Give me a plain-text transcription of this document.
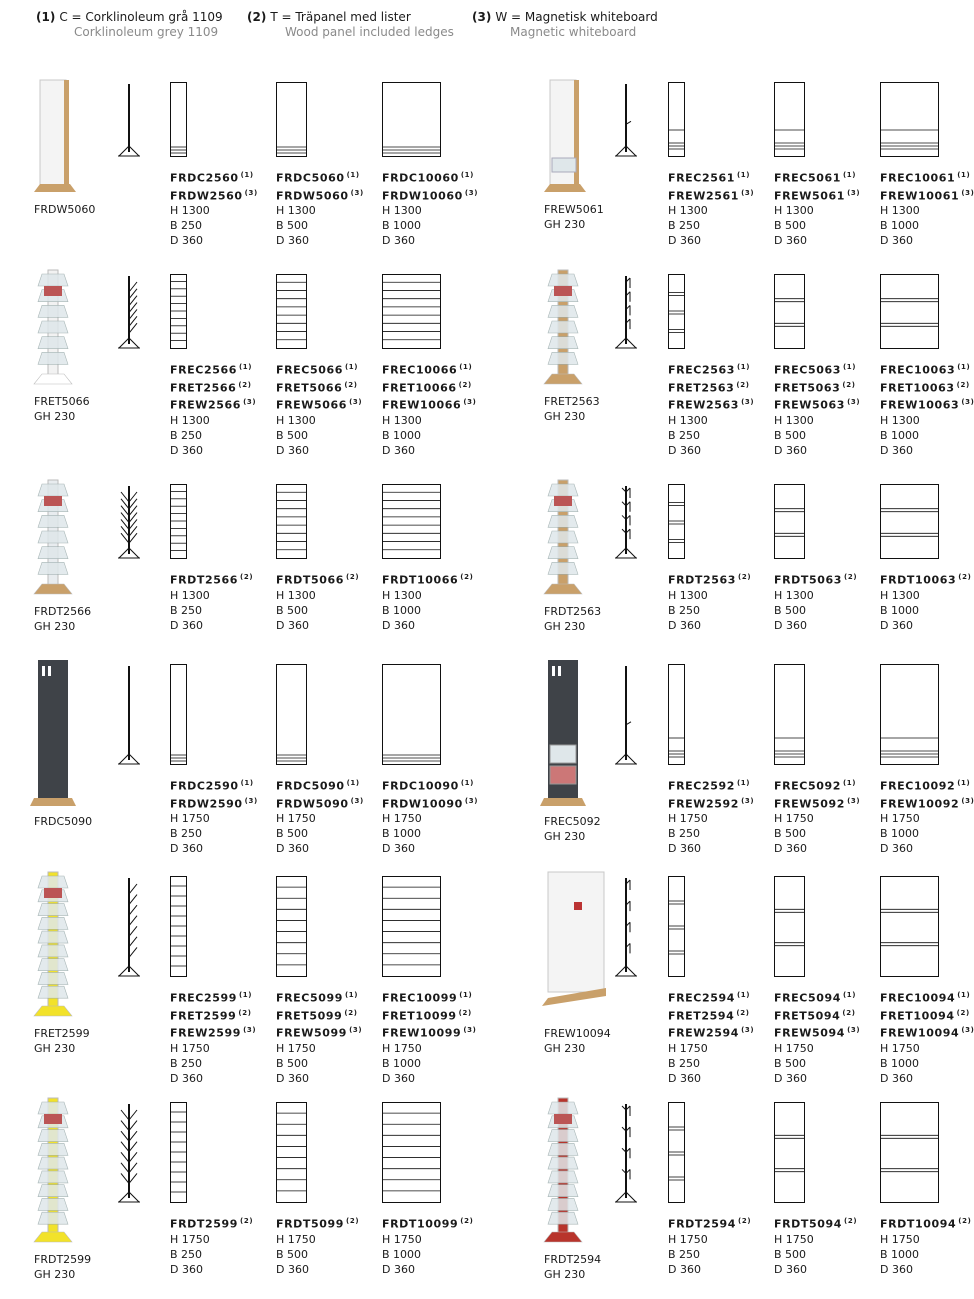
(1) C = Corklinoleum grå 1109
Corklinoleum grey 1109
(2) T = Träpanel med lister
Wood panel included ledges
(3) W = Magnetisk whiteboard
Magnetic whiteboard
FRDW5060
FRDC2560 $^{(1)}$
FRDW2560 $^{(3)}$
H 1300
B 250
D 360
FRDC5060 $^{(1)}$
FRDW5060 $^{(3)}$
H 1300
B 500
D 360
FRDC10060 $^{(1)}$
FRDW10060 $^{(3)}$
H 1300
B 1000
D 360
FREW5061
GH 230
FREC2561 $^{(1)}$
FREW2561 $^{(3)}$
H 1300
B 250
D 360
FREC5061 $^{(1)}$
FREW5061 $^{(3)}$
H 1300
B 500
D 360
FREC10061 $^{(1)}$
FREW10061 $^{(3)}$
H 1300
B 1000
D 360
FRET5066
GH 230
FREC2566 $^{(1)}$
FRET2566 $^{(2)}$
FREW2566 $^{(3)}$
H 1300
B 250
D 360
FREC5066 $^{(1)}$
FRET5066 $^{(2)}$
FREW5066 $^{(3)}$
H 1300
B 500
D 360
FREC10066 $^{(1)}$
FRET10066 $^{(2)}$
FREW10066 $^{(3)}$
H 1300
B 1000
D 360
FRET2563
GH 230
FREC2563 $^{(1)}$
FRET2563 $^{(2)}$
FREW2563 $^{(3)}$
H 1300
B 250
D 360
FREC5063 $^{(1)}$
FRET5063 $^{(2)}$
FREW5063 $^{(3)}$
H 1300
B 500
D 360
FREC10063 $^{(1)}$
FRET10063 $^{(2)}$
FREW10063 $^{(3)}$
H 1300
B 1000
D 360
FRDT2566
GH 230
FRDT2566 $^{(2)}$
H 1300
B 250
D 360
FRDT5066 $^{(2)}$
H 1300
B 500
D 360
FRDT10066 $^{(2)}$
H 1300
B 1000
D 360
FRDT2563
GH 230
FRDT2563 $^{(2)}$
H 1300
B 250
D 360
FRDT5063 $^{(2)}$
H 1300
B 500
D 360
FRDT10063 $^{(2)}$
H 1300
B 1000
D 360
FRDC5090
FRDC2590 $^{(1)}$
FRDW2590 $^{(3)}$
H 1750
B 250
D 360
FRDC5090 $^{(1)}$
FRDW5090 $^{(3)}$
H 1750
B 500
D 360
FRDC10090 $^{(1)}$
FRDW10090 $^{(3)}$
H 1750
B 1000
D 360
FREC5092
GH 230
FREC2592 $^{(1)}$
FREW2592 $^{(3)}$
H 1750
B 250
D 360
FREC5092 $^{(1)}$
FREW5092 $^{(3)}$
H 1750
B 500
D 360
FREC10092 $^{(1)}$
FREW10092 $^{(3)}$
H 1750
B 1000
D 360
FRET2599
GH 230
FREC2599 $^{(1)}$
FRET2599 $^{(2)}$
FREW2599 $^{(3)}$
H 1750
B 250
D 360
FREC5099 $^{(1)}$
FRET5099 $^{(2)}$
FREW5099 $^{(3)}$
H 1750
B 500
D 360
FREC10099 $^{(1)}$
FRET10099 $^{(2)}$
FREW10099 $^{(3)}$
H 1750
B 1000
D 360
FREW10094
GH 230
FREC2594 $^{(1)}$
FRET2594 $^{(2)}$
FREW2594 $^{(3)}$
H 1750
B 250
D 360
FREC5094 $^{(1)}$
FRET5094 $^{(2)}$
FREW5094 $^{(3)}$
H 1750
B 500
D 360
FREC10094 $^{(1)}$
FRET10094 $^{(2)}$
FREW10094 $^{(3)}$
H 1750
B 1000
D 360
FRDT2599
GH 230
FRDT2599 $^{(2)}$
H 1750
B 250
D 360
FRDT5099 $^{(2)}$
H 1750
B 500
D 360
FRDT10099 $^{(2)}$
H 1750
B 1000
D 360
FRDT2594
GH 230
FRDT2594 $^{(2)}$
H 1750
B 250
D 360
FRDT5094 $^{(2)}$
H 1750
B 500
D 360
FRDT10094 $^{(2)}$
H 1750
B 1000
D 360
